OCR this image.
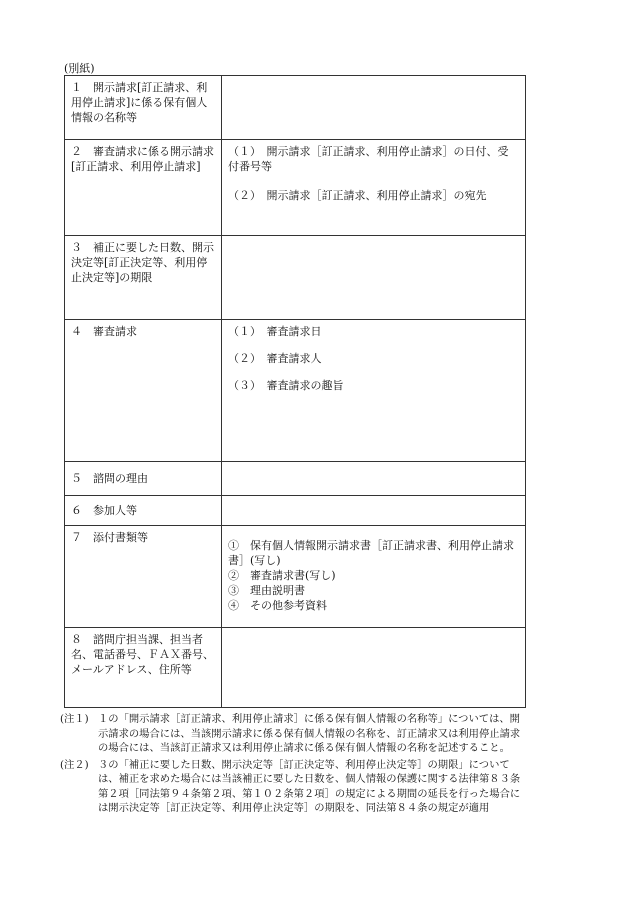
(別紙)
１　開示請求[訂正請求、利用停止請求]に係る保有個人情報の名称等	

２　審査請求に係る開示請求[訂正請求、利用停止請求]	（１）　開示請求［訂正請求、利用停止請求］の日付、受付番号等
（２）　開示請求［訂正請求、利用停止請求］の宛先

３　補正に要した日数、開示決定等[訂正決定等、利用停止決定等]の期限	

４　審査請求	（１）　審査請求日
（２）　審査請求人
（３）　審査請求の趣旨

５　諮問の理由	

６　参加人等	

７　添付書類等	①　保有個人情報開示請求書［訂正請求書、利用停止請求書］(写し)
②　審査請求書(写し)
③　理由説明書
④　その他参考資料

８　諮問庁担当課、担当者名、電話番号、ＦＡＸ番号、メールアドレス、住所等	

(注１) １の「開示請求［訂正請求、利用停止請求］に係る保有個人情報の名称等」については、開示請求の場合には、当該開示請求に係る保有個人情報の名称を、訂正請求又は利用停止請求の場合には、当該訂正請求又は利用停止請求に係る保有個人情報の名称を記述すること。
(注２) ３の「補正に要した日数、開示決定等［訂正決定等、利用停止決定等］の期限」については、補正を求めた場合には当該補正に要した日数を、個人情報の保護に関する法律第８３条第２項［同法第９４条第２項、第１０２条第２項］の規定による期間の延長を行った場合には開示決定等［訂正決定等、利用停止決定等］の期限を、同法第８４条の規定が適用
